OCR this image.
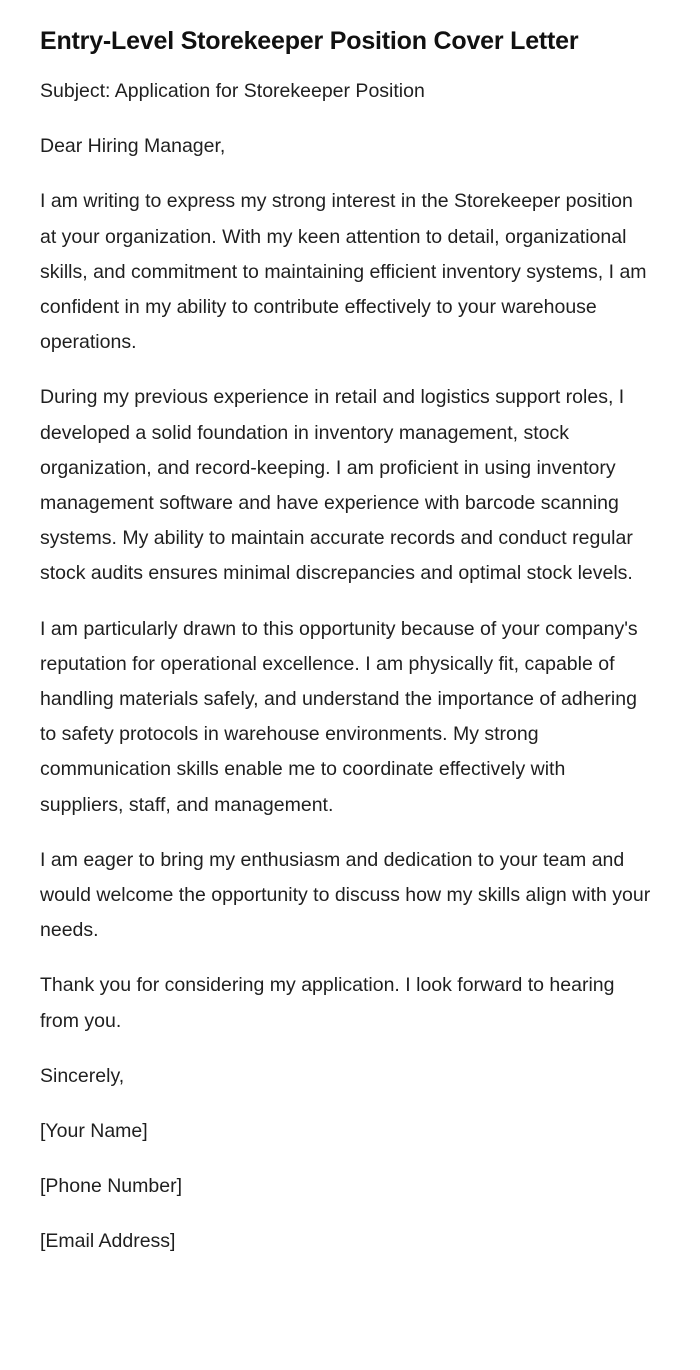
Entry-Level Storekeeper Position Cover Letter

Subject: Application for Storekeeper Position

Dear Hiring Manager,

I am writing to express my strong interest in the Storekeeper position at your organization. With my keen attention to detail, organizational skills, and commitment to maintaining efficient inventory systems, I am confident in my ability to contribute effectively to your warehouse operations.

During my previous experience in retail and logistics support roles, I developed a solid foundation in inventory management, stock organization, and record-keeping. I am proficient in using inventory management software and have experience with barcode scanning systems. My ability to maintain accurate records and conduct regular stock audits ensures minimal discrepancies and optimal stock levels.

I am particularly drawn to this opportunity because of your company's reputation for operational excellence. I am physically fit, capable of handling materials safely, and understand the importance of adhering to safety protocols in warehouse environments. My strong communication skills enable me to coordinate effectively with suppliers, staff, and management.

I am eager to bring my enthusiasm and dedication to your team and would welcome the opportunity to discuss how my skills align with your needs.

Thank you for considering my application. I look forward to hearing from you.

Sincerely,

[Your Name]

[Phone Number]

[Email Address]
